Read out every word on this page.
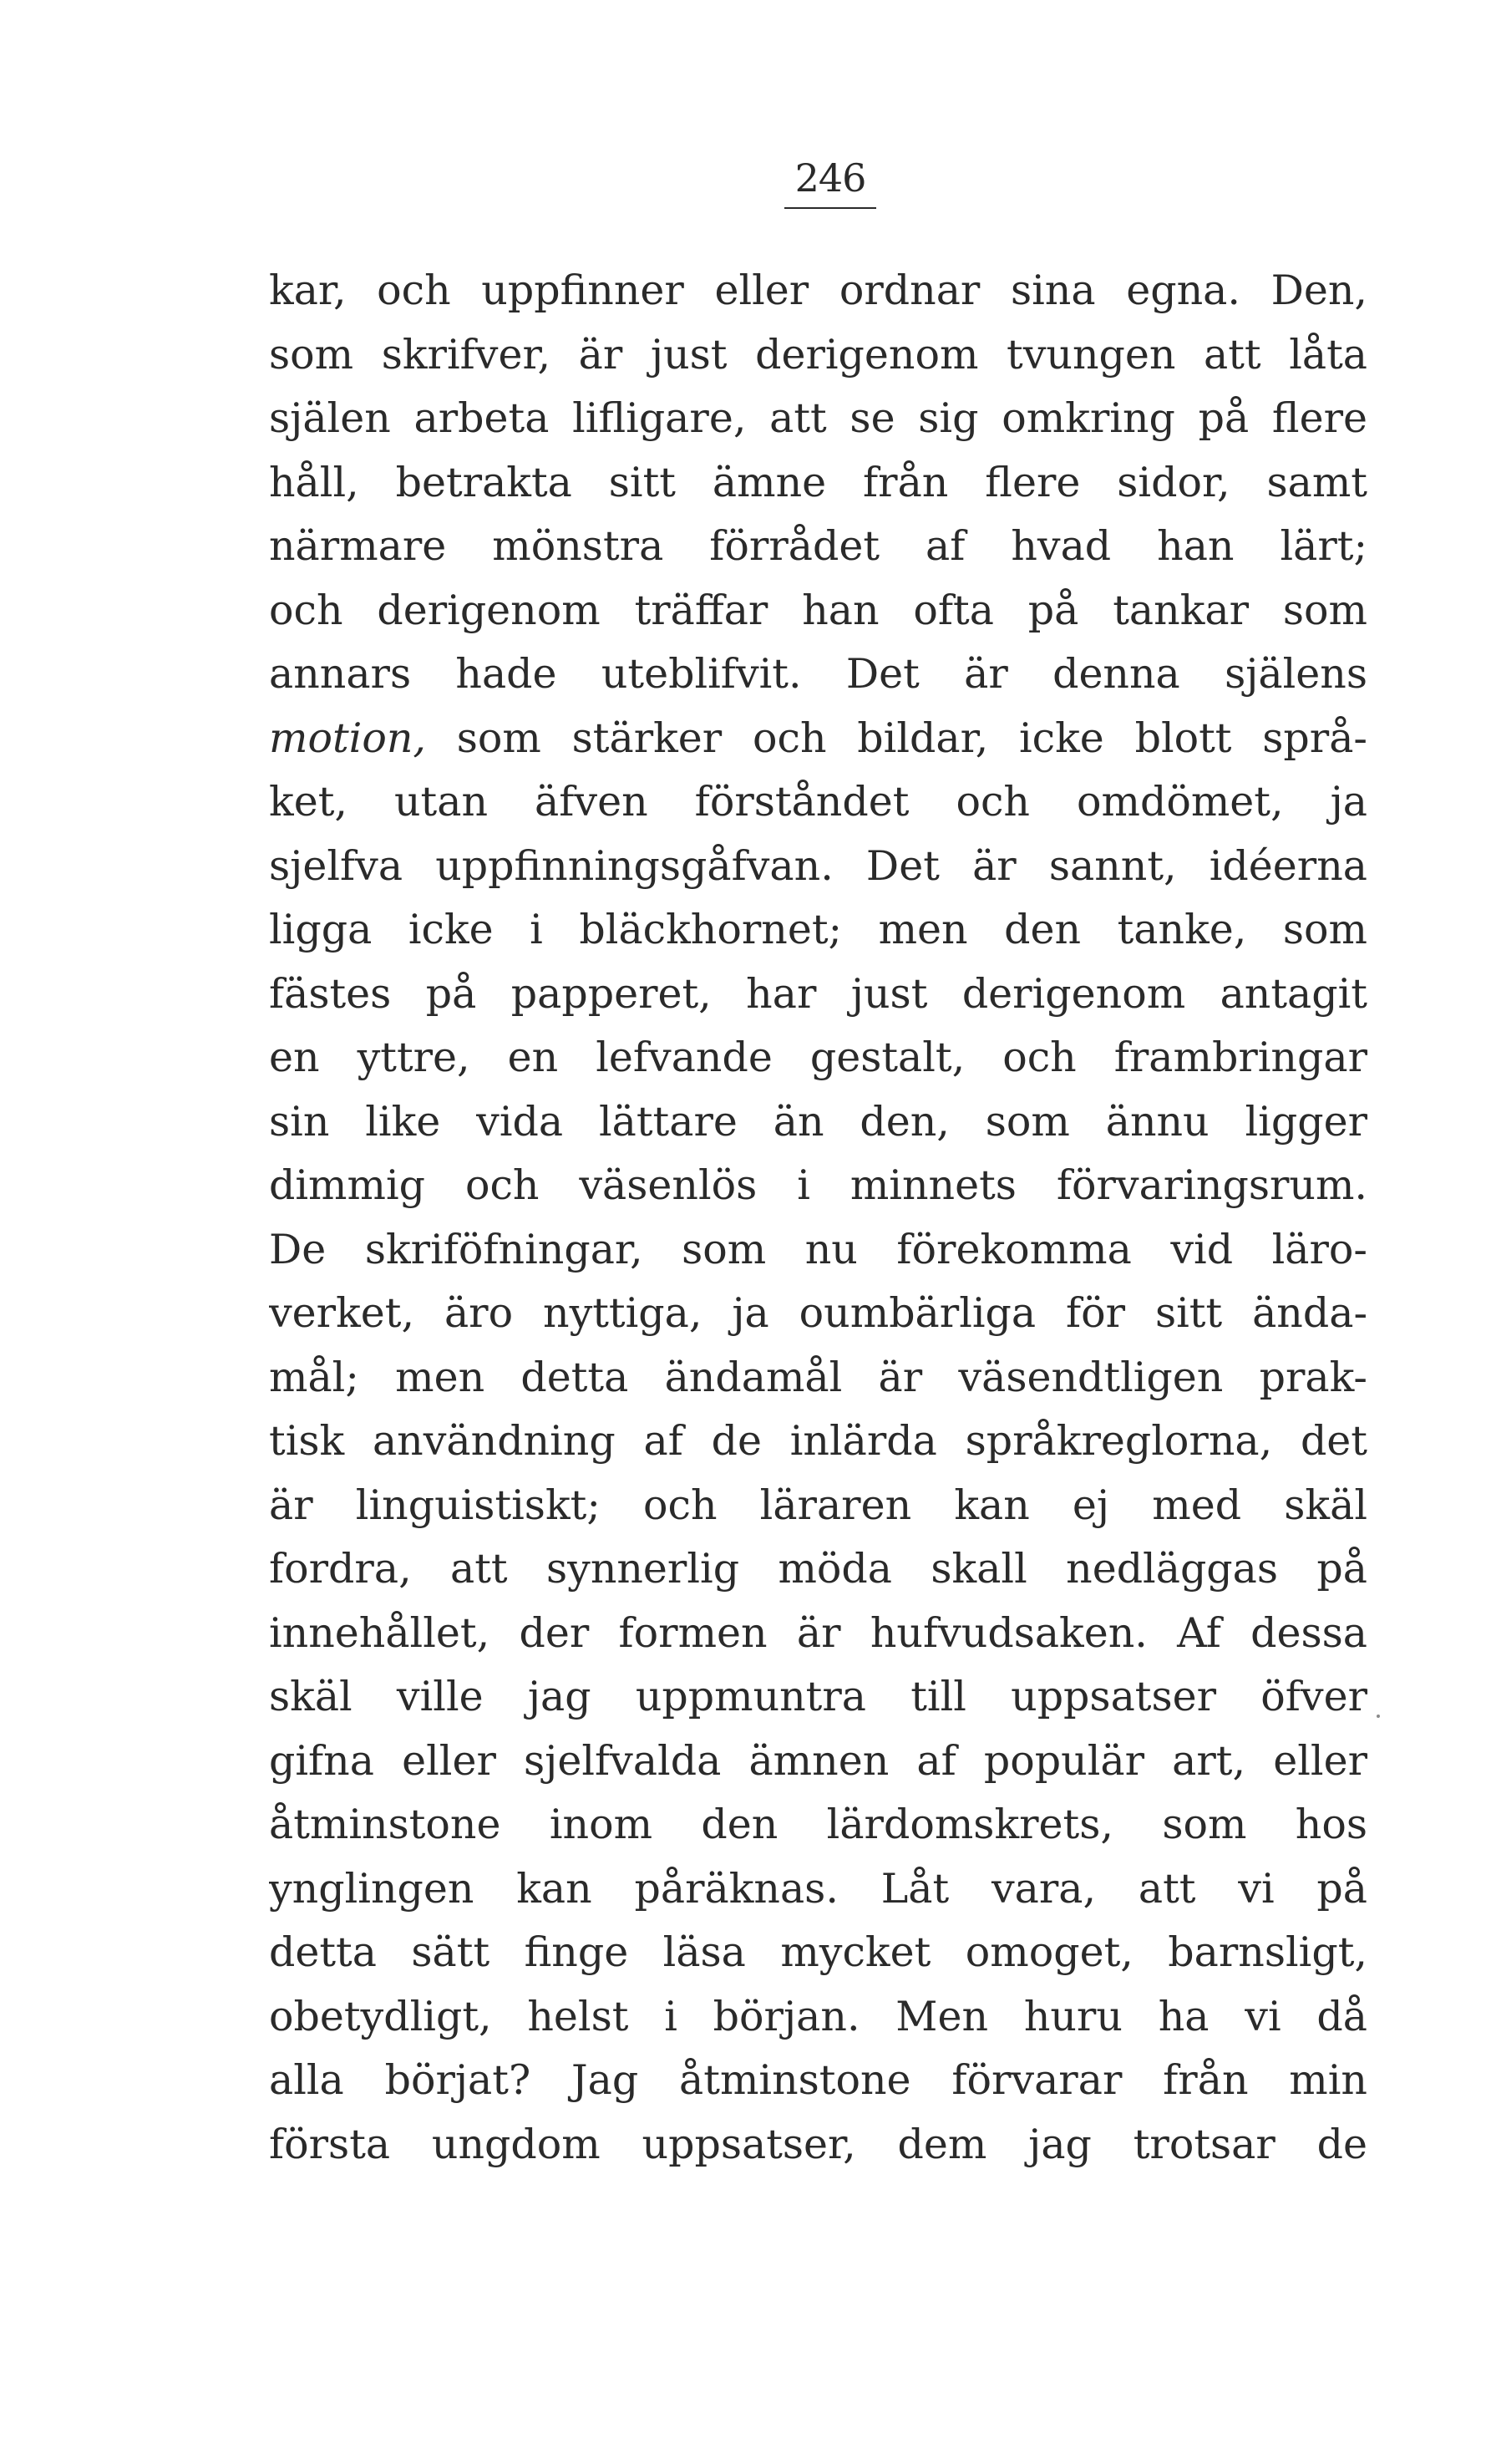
246
kar, och uppfinner eller ordnar sina egna. Den,
som skrifver, är just derigenom tvungen att låta
själen arbeta lifligare, att se sig omkring på flere
håll, betrakta sitt ämne från flere sidor, samt
närmare mönstra förrådet af hvad han lärt;
och derigenom träffar han ofta på tankar som
annars hade uteblifvit. Det är denna själens
motion, som stärker och bildar, icke blott språ-
ket, utan äfven förståndet och omdömet, ja
sjelfva uppfinningsgåfvan. Det är sannt, idéerna
ligga icke i bläckhornet; men den tanke, som
fästes på papperet, har just derigenom antagit
en yttre, en lefvande gestalt, och frambringar
sin like vida lättare än den, som ännu ligger
dimmig och väsenlös i minnets förvaringsrum.
De skriföfningar, som nu förekomma vid läro-
verket, äro nyttiga, ja oumbärliga för sitt ända-
mål; men detta ändamål är väsendtligen prak-
tisk användning af de inlärda språkreglorna, det
är linguistiskt; och läraren kan ej med skäl
fordra, att synnerlig möda skall nedläggas på
innehållet, der formen är hufvudsaken. Af dessa
skäl ville jag uppmuntra till uppsatser öfver
gifna eller sjelfvalda ämnen af populär art, eller
åtminstone inom den lärdomskrets, som hos
ynglingen kan påräknas. Låt vara, att vi på
detta sätt finge läsa mycket omoget, barnsligt,
obetydligt, helst i början. Men huru ha vi då
alla börjat? Jag åtminstone förvarar från min
första ungdom uppsatser, dem jag trotsar de
